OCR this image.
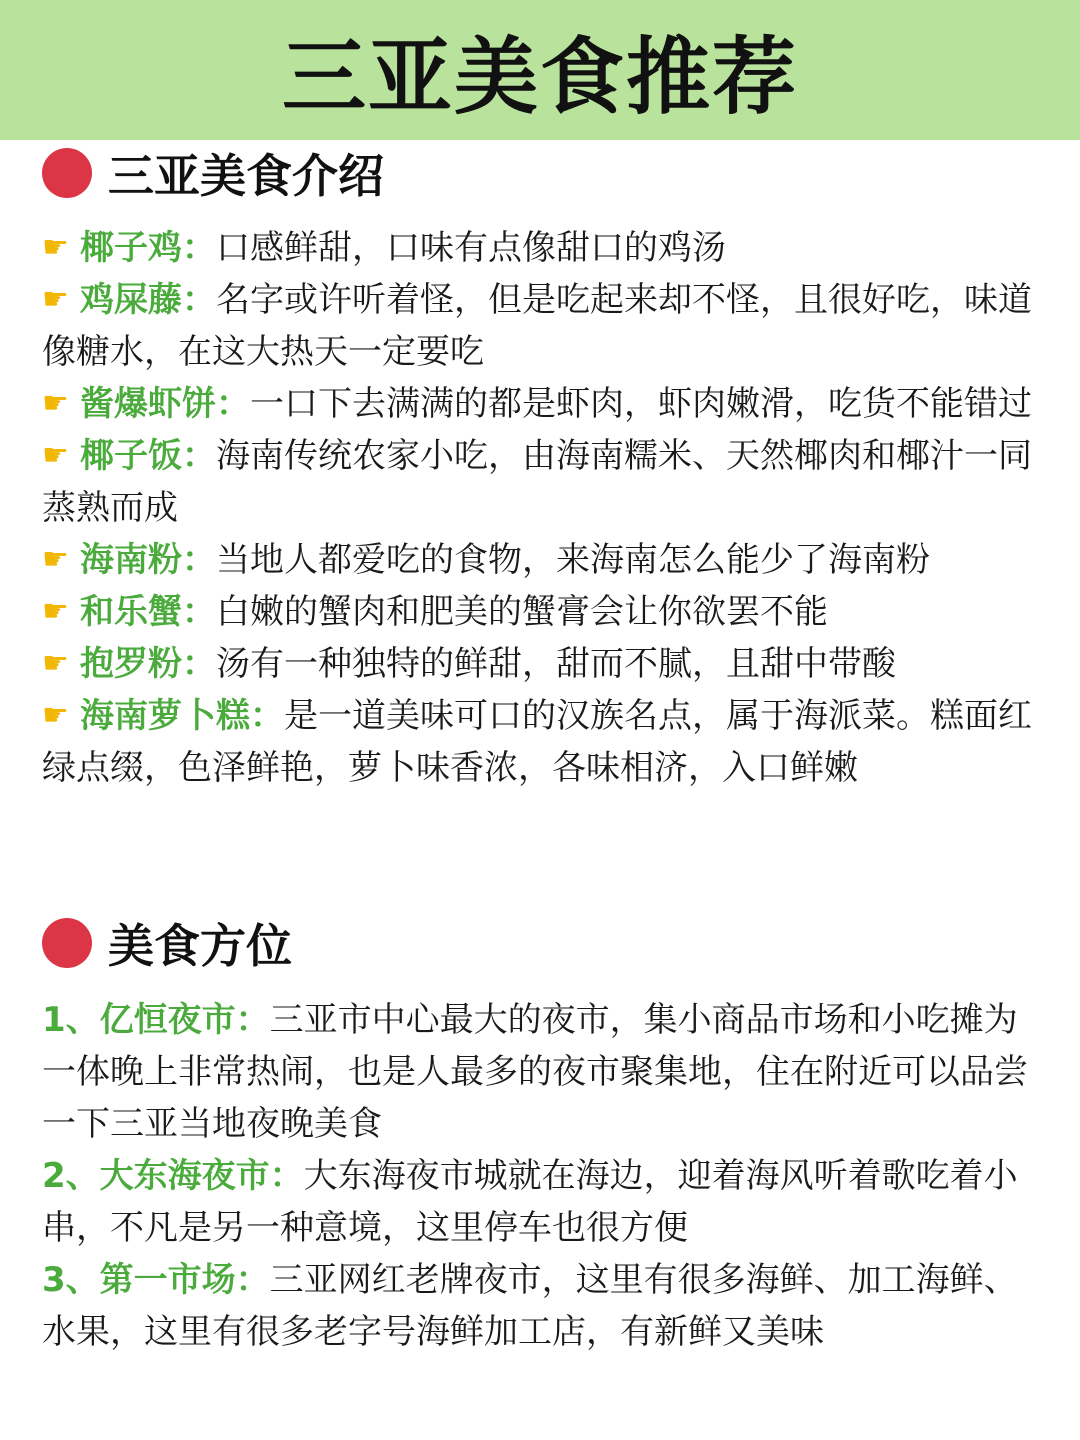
三亚美食推荐
三亚美食介绍
☛ 椰子鸡：口感鲜甜，口味有点像甜口的鸡汤
☛ 鸡屎藤：名字或许听着怪，但是吃起来却不怪，且很好吃，味道像糖水，在这大热天一定要吃
☛ 酱爆虾饼：一口下去满满的都是虾肉，虾肉嫩滑，吃货不能错过
☛ 椰子饭：海南传统农家小吃，由海南糯米、天然椰肉和椰汁一同蒸熟而成
☛ 海南粉：当地人都爱吃的食物，来海南怎么能少了海南粉
☛ 和乐蟹：白嫩的蟹肉和肥美的蟹膏会让你欲罢不能
☛ 抱罗粉：汤有一种独特的鲜甜，甜而不腻，且甜中带酸
☛ 海南萝卜糕：是一道美味可口的汉族名点，属于海派菜。糕面红绿点缀，色泽鲜艳，萝卜味香浓，各味相济，入口鲜嫩
美食方位
1、亿恒夜市：三亚市中心最大的夜市，集小商品市场和小吃摊为一体晚上非常热闹，也是人最多的夜市聚集地，住在附近可以品尝一下三亚当地夜晚美食
2、大东海夜市：大东海夜市城就在海边，迎着海风听着歌吃着小串，不凡是另一种意境，这里停车也很方便
3、第一市场：三亚网红老牌夜市，这里有很多海鲜、加工海鲜、水果，这里有很多老字号海鲜加工店，有新鲜又美味
